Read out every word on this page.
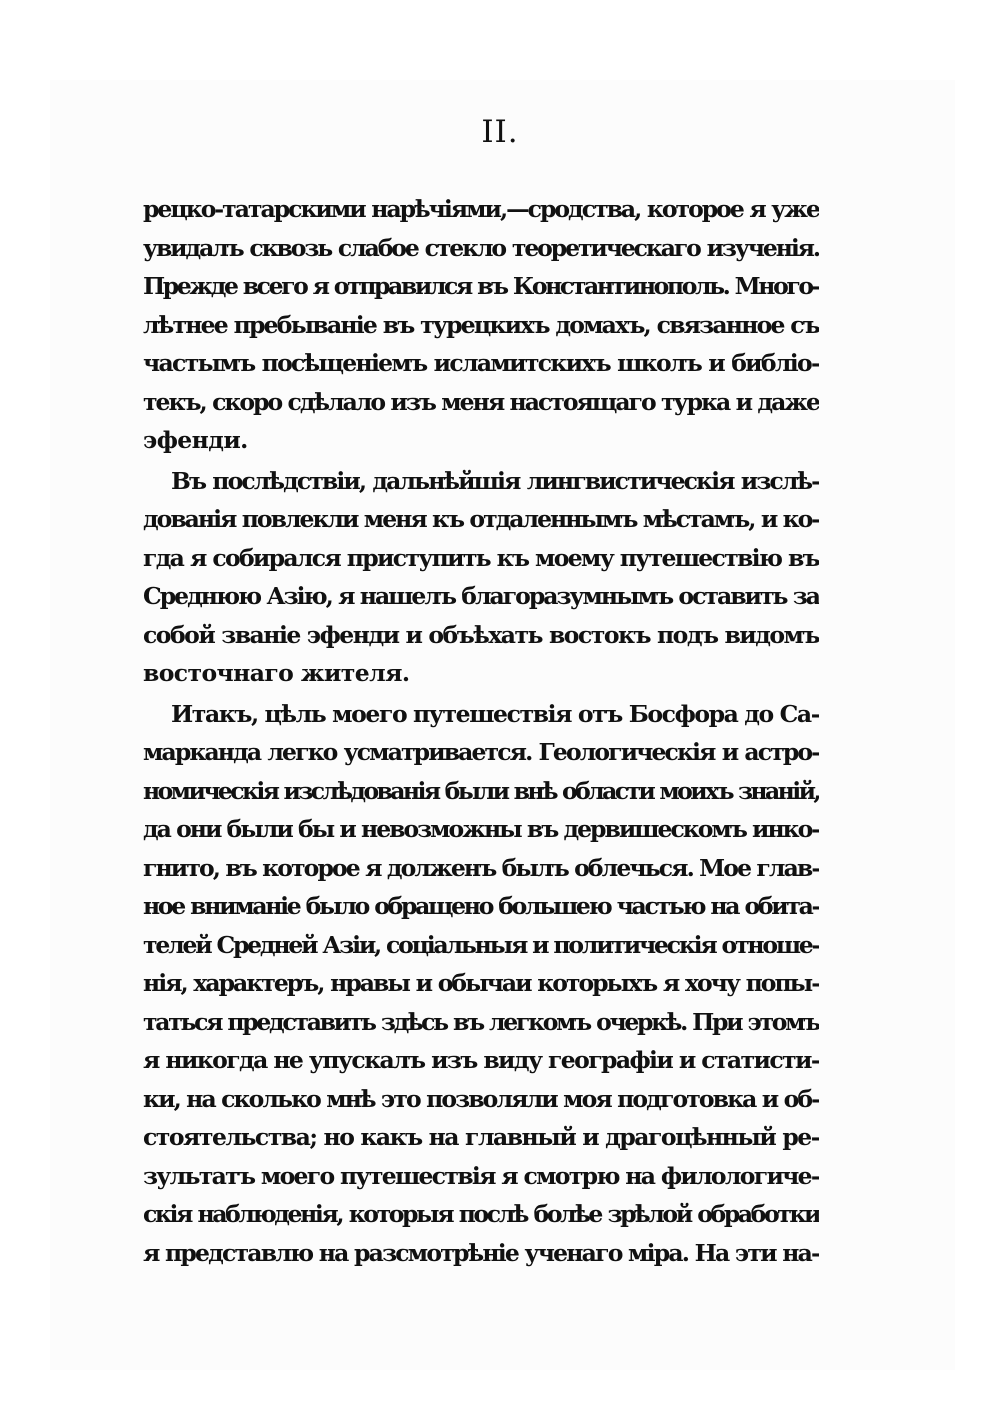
II.
рецко-татарскими нарѣчіями,—сродства, которое я уже
увидалъ сквозь слабое стекло теоретическаго изученія.
Прежде всего я отправился въ Константинополь. Много-
лѣтнее пребываніе въ турецкихъ домахъ, связанное съ
частымъ посѣщеніемъ исламитскихъ школъ и библіо-
текъ, скоро сдѣлало изъ меня настоящаго турка и даже
эфенди.
Въ послѣдствіи, дальнѣйшія лингвистическія изслѣ-
дованія повлекли меня къ отдаленнымъ мѣстамъ, и ко-
гда я собирался приступить къ моему путешествію въ
Среднюю Азію, я нашелъ благоразумнымъ оставить за
собой званіе эфенди и объѣхать востокъ подъ видомъ
восточнаго жителя.
Итакъ, цѣль моего путешествія отъ Босфора до Са-
марканда легко усматривается. Геологическія и астро-
номическія изслѣдованія были внѣ области моихъ знаній,
да они были бы и невозможны въ дервишескомъ инко-
гнито, въ которое я долженъ былъ облечься. Мое глав-
ное вниманіе было обращено большею частью на обита-
телей Средней Азіи, соціальныя и политическія отноше-
нія, характеръ, нравы и обычаи которыхъ я хочу попы-
таться представить здѣсь въ легкомъ очеркѣ. При этомъ
я никогда не упускалъ изъ виду географіи и статисти-
ки, на сколько мнѣ это позволяли моя подготовка и об-
стоятельства; но какъ на главный и драгоцѣнный ре-
зультатъ моего путешествія я смотрю на филологиче-
скія наблюденія, которыя послѣ болѣе зрѣлой обработки
я представлю на разсмотрѣніе ученаго міра. На эти на-
